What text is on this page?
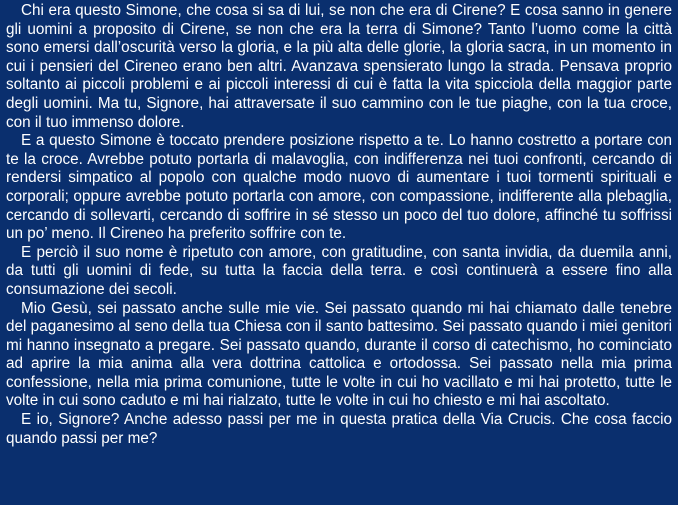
Chi era questo Simone, che cosa si sa di lui, se non che era di Cirene? E cosa sanno in genere gli uomini a proposito di Cirene, se non che era la terra di Simone? Tanto l’uomo come la città sono emersi dall’oscurità verso la gloria, e la più alta delle glorie, la gloria sacra, in un momento in cui i pensieri del Cireneo erano ben altri. Avanzava spensierato lungo la strada. Pensava proprio soltanto ai piccoli problemi e ai piccoli interessi di cui è fatta la vita spicciola della maggior parte degli uomini. Ma tu, Signore, hai attraversate il suo cammino con le tue piaghe, con la tua croce, con il tuo immenso dolore.

E a questo Simone è toccato prendere posizione rispetto a te. Lo hanno costretto a portare con te la croce. Avrebbe potuto portarla di malavoglia, con indifferenza nei tuoi confronti, cercando di rendersi simpatico al popolo con qualche modo nuovo di aumentare i tuoi tormenti spirituali e corporali; oppure avrebbe potuto portarla con amore, con compassione, indifferente alla plebaglia, cercando di sollevarti, cercando di soffrire in sé stesso un poco del tuo dolore, affinché tu soffrissi un po’ meno. Il Cireneo ha preferito soffrire con te.

E perciò il suo nome è ripetuto con amore, con gratitudine, con santa invidia, da duemila anni, da tutti gli uomini di fede, su tutta la faccia della terra. e così continuerà a essere fino alla consumazione dei secoli.

Mio Gesù, sei passato anche sulle mie vie. Sei passato quando mi hai chiamato dalle tenebre del paganesimo al seno della tua Chiesa con il santo battesimo. Sei passato quando i miei genitori mi hanno insegnato a pregare. Sei passato quando, durante il corso di catechismo, ho cominciato ad aprire la mia anima alla vera dottrina cattolica e ortodossa. Sei passato nella mia prima confessione, nella mia prima comunione, tutte le volte in cui ho vacillato e mi hai protetto, tutte le volte in cui sono caduto e mi hai rialzato, tutte le volte in cui ho chiesto e mi hai ascoltato.

E io, Signore? Anche adesso passi per me in questa pratica della Via Crucis. Che cosa faccio quando passi per me?
